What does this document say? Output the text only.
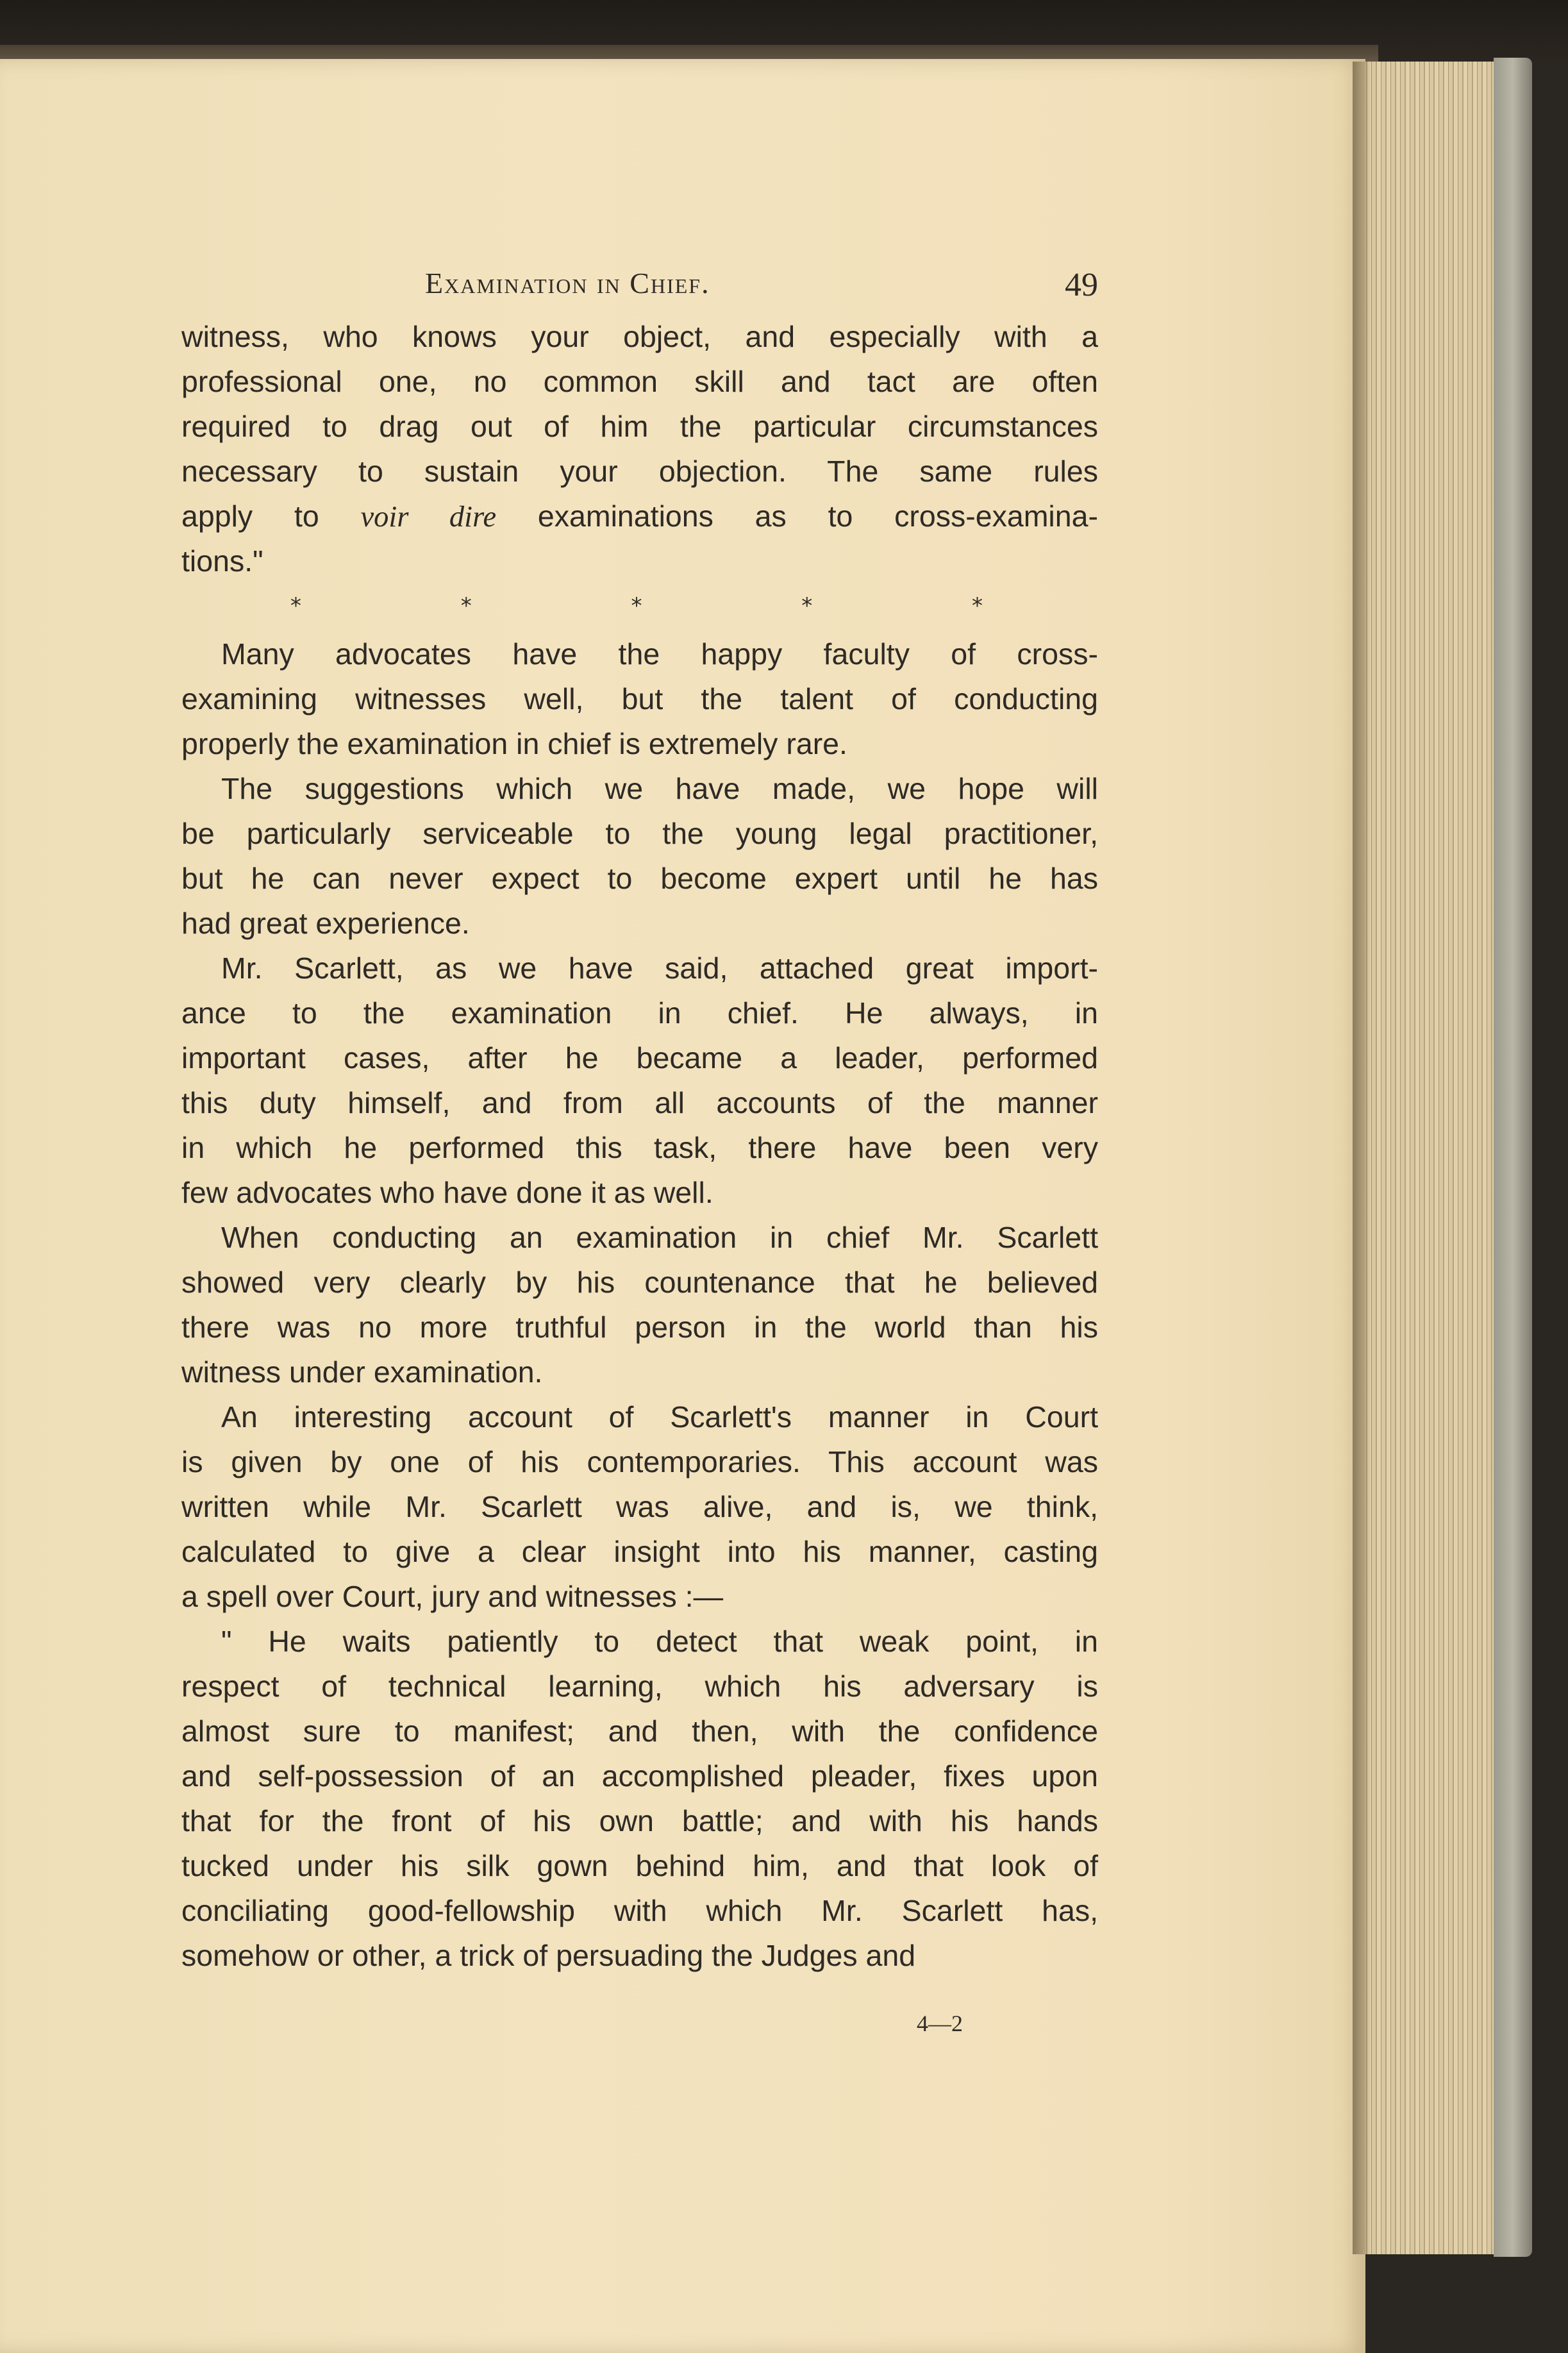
Examination in Chief.	49
witness, who knows your object, and especially with a
professional one, no common skill and tact are often
required to drag out of him the particular circumstances
necessary to sustain your objection. The same rules
apply to voir dire examinations as to cross-examina-
tions."
*	*	*	*	*
Many advocates have the happy faculty of cross-
examining witnesses well, but the talent of conducting
properly the examination in chief is extremely rare.
The suggestions which we have made, we hope will
be particularly serviceable to the young legal practitioner,
but he can never expect to become expert until he has
had great experience.
Mr. Scarlett, as we have said, attached great import-
ance to the examination in chief. He always, in
important cases, after he became a leader, performed
this duty himself, and from all accounts of the manner
in which he performed this task, there have been very
few advocates who have done it as well.
When conducting an examination in chief Mr. Scarlett
showed very clearly by his countenance that he believed
there was no more truthful person in the world than his
witness under examination.
An interesting account of Scarlett's manner in Court
is given by one of his contemporaries. This account was
written while Mr. Scarlett was alive, and is, we think,
calculated to give a clear insight into his manner, casting
a spell over Court, jury and witnesses :—
" He waits patiently to detect that weak point, in
respect of technical learning, which his adversary is
almost sure to manifest; and then, with the confidence
and self-possession of an accomplished pleader, fixes upon
that for the front of his own battle; and with his hands
tucked under his silk gown behind him, and that look of
conciliating good-fellowship with which Mr. Scarlett has,
somehow or other, a trick of persuading the Judges and
4—2
